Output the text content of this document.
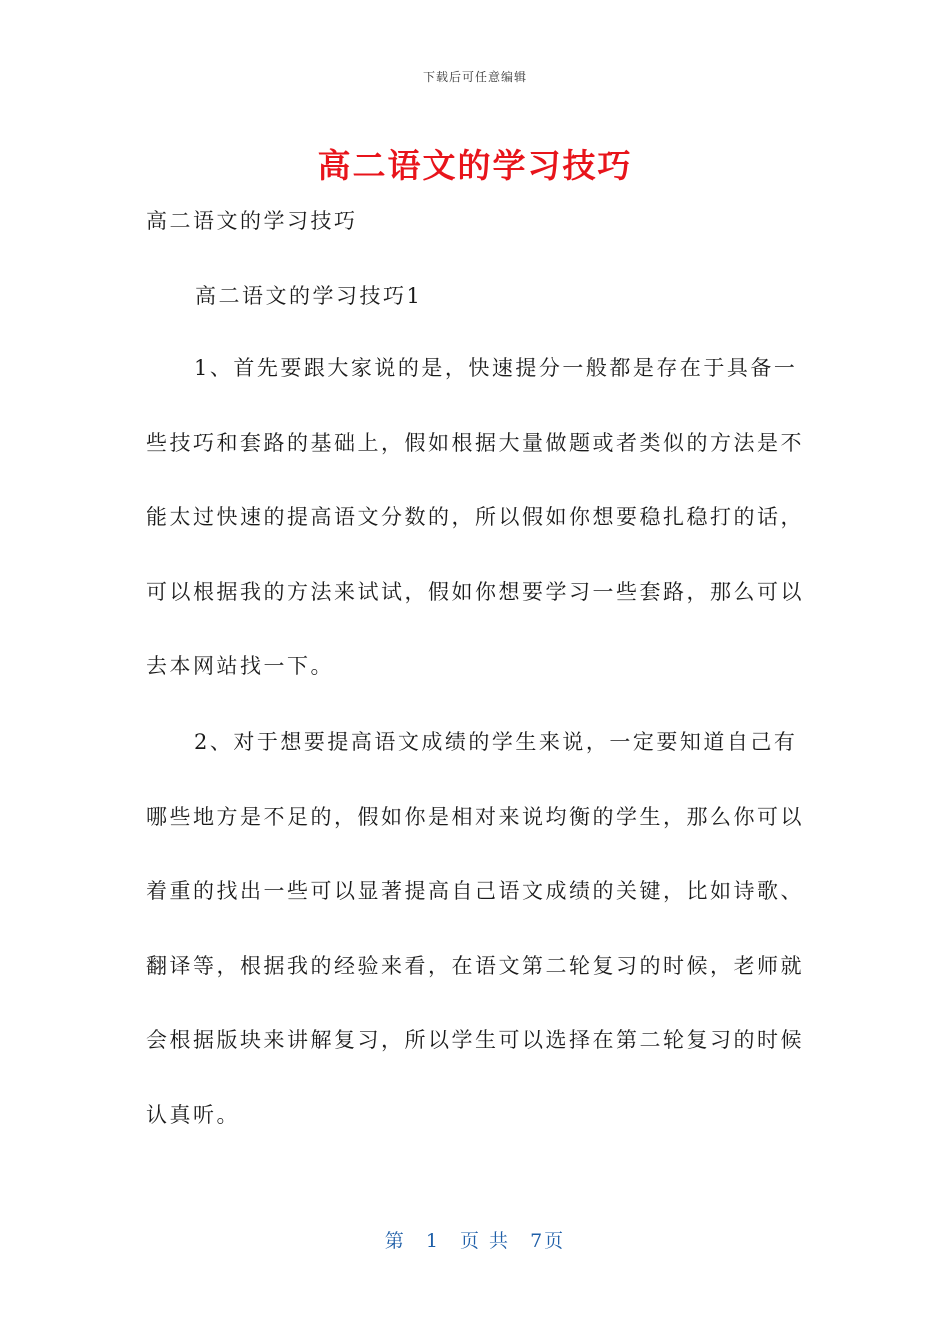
下载后可任意编辑
高二语文的学习技巧
高二语文的学习技巧
高二语文的学习技巧1
1、首先要跟大家说的是，快速提分一般都是存在于具备一些技巧和套路的基础上，假如根据大量做题或者类似的方法是不能太过快速的提高语文分数的，所以假如你想要稳扎稳打的话，可以根据我的方法来试试，假如你想要学习一些套路，那么可以去本网站找一下。
2、对于想要提高语文成绩的学生来说，一定要知道自己有哪些地方是不足的，假如你是相对来说均衡的学生，那么你可以着重的找出一些可以显著提高自己语文成绩的关键，比如诗歌、翻译等，根据我的经验来看，在语文第二轮复习的时候，老师就会根据版块来讲解复习，所以学生可以选择在第二轮复习的时候认真听。
第 1 页 共 7页
